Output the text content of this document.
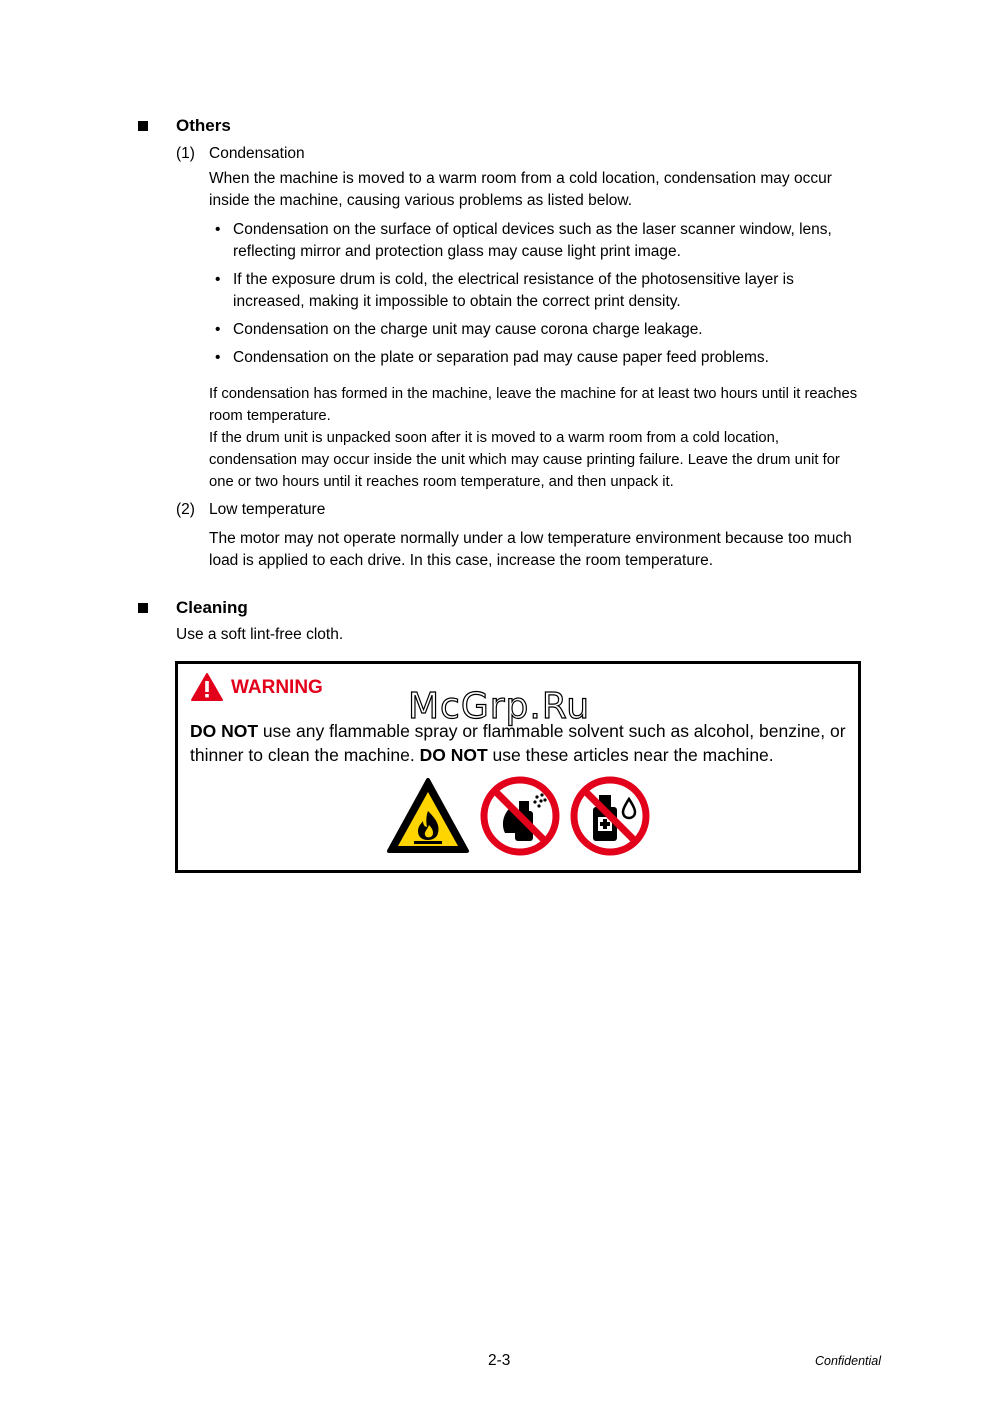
Others
(1) Condensation
When the machine is moved to a warm room from a cold location, condensation may occur inside the machine, causing various problems as listed below.
• Condensation on the surface of optical devices such as the laser scanner window, lens, reflecting mirror and protection glass may cause light print image.
• If the exposure drum is cold, the electrical resistance of the photosensitive layer is increased, making it impossible to obtain the correct print density.
• Condensation on the charge unit may cause corona charge leakage.
• Condensation on the plate or separation pad may cause paper feed problems.
If condensation has formed in the machine, leave the machine for at least two hours until it reaches room temperature.
If the drum unit is unpacked soon after it is moved to a warm room from a cold location, condensation may occur inside the unit which may cause printing failure. Leave the drum unit for one or two hours until it reaches room temperature, and then unpack it.
(2) Low temperature
The motor may not operate normally under a low temperature environment because too much load is applied to each drive. In this case, increase the room temperature.
Cleaning
Use a soft lint-free cloth.
WARNING
DO NOT use any flammable spray or flammable solvent such as alcohol, benzine, or thinner to clean the machine. DO NOT use these articles near the machine.
McGrp.Ru
2-3	Confidential
